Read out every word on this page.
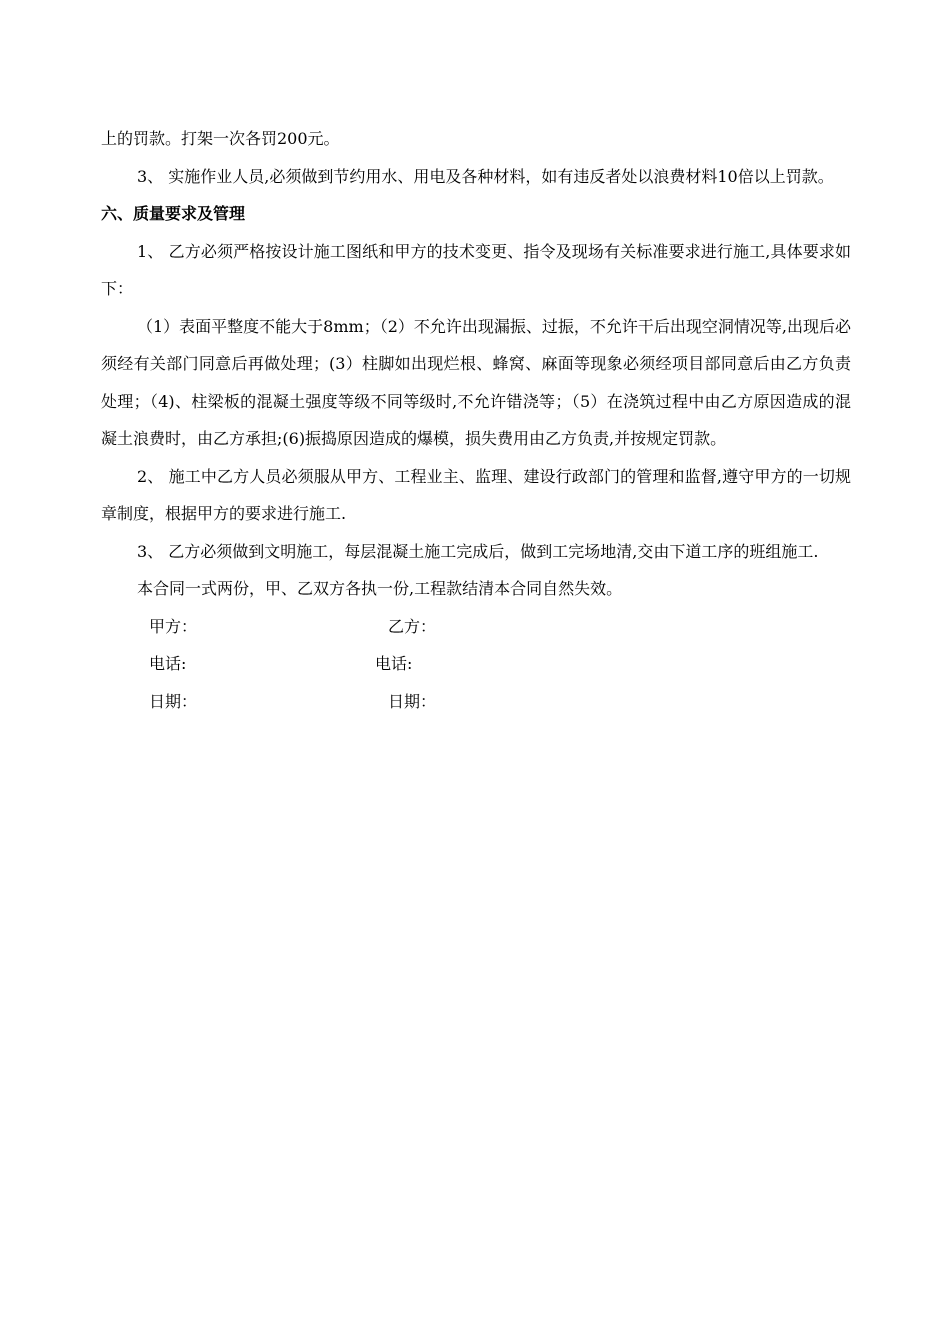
上的罚款。打架一次各罚200元。

3、 实施作业人员,必须做到节约用水、用电及各种材料，如有违反者处以浪费材料10倍以上罚款。

六、质量要求及管理

1、 乙方必须严格按设计施工图纸和甲方的技术变更、指令及现场有关标准要求进行施工,具体要求如下：

（1）表面平整度不能大于8mm；（2）不允许出现漏振、过振，不允许干后出现空洞情况等,出现后必须经有关部门同意后再做处理；(3）柱脚如出现烂根、蜂窝、麻面等现象必须经项目部同意后由乙方负责处理；（4)、柱梁板的混凝土强度等级不同等级时,不允许错浇等；（5）在浇筑过程中由乙方原因造成的混凝土浪费时，由乙方承担;(6)振捣原因造成的爆模，损失费用由乙方负责,并按规定罚款。

2、 施工中乙方人员必须服从甲方、工程业主、监理、建设行政部门的管理和监督,遵守甲方的一切规章制度，根据甲方的要求进行施工.

3、 乙方必须做到文明施工，每层混凝土施工完成后，做到工完场地清,交由下道工序的班组施工.

本合同一式两份，甲、乙双方各执一份,工程款结清本合同自然失效。

甲方：	乙方：
电话:	电话:
日期：	日期：
